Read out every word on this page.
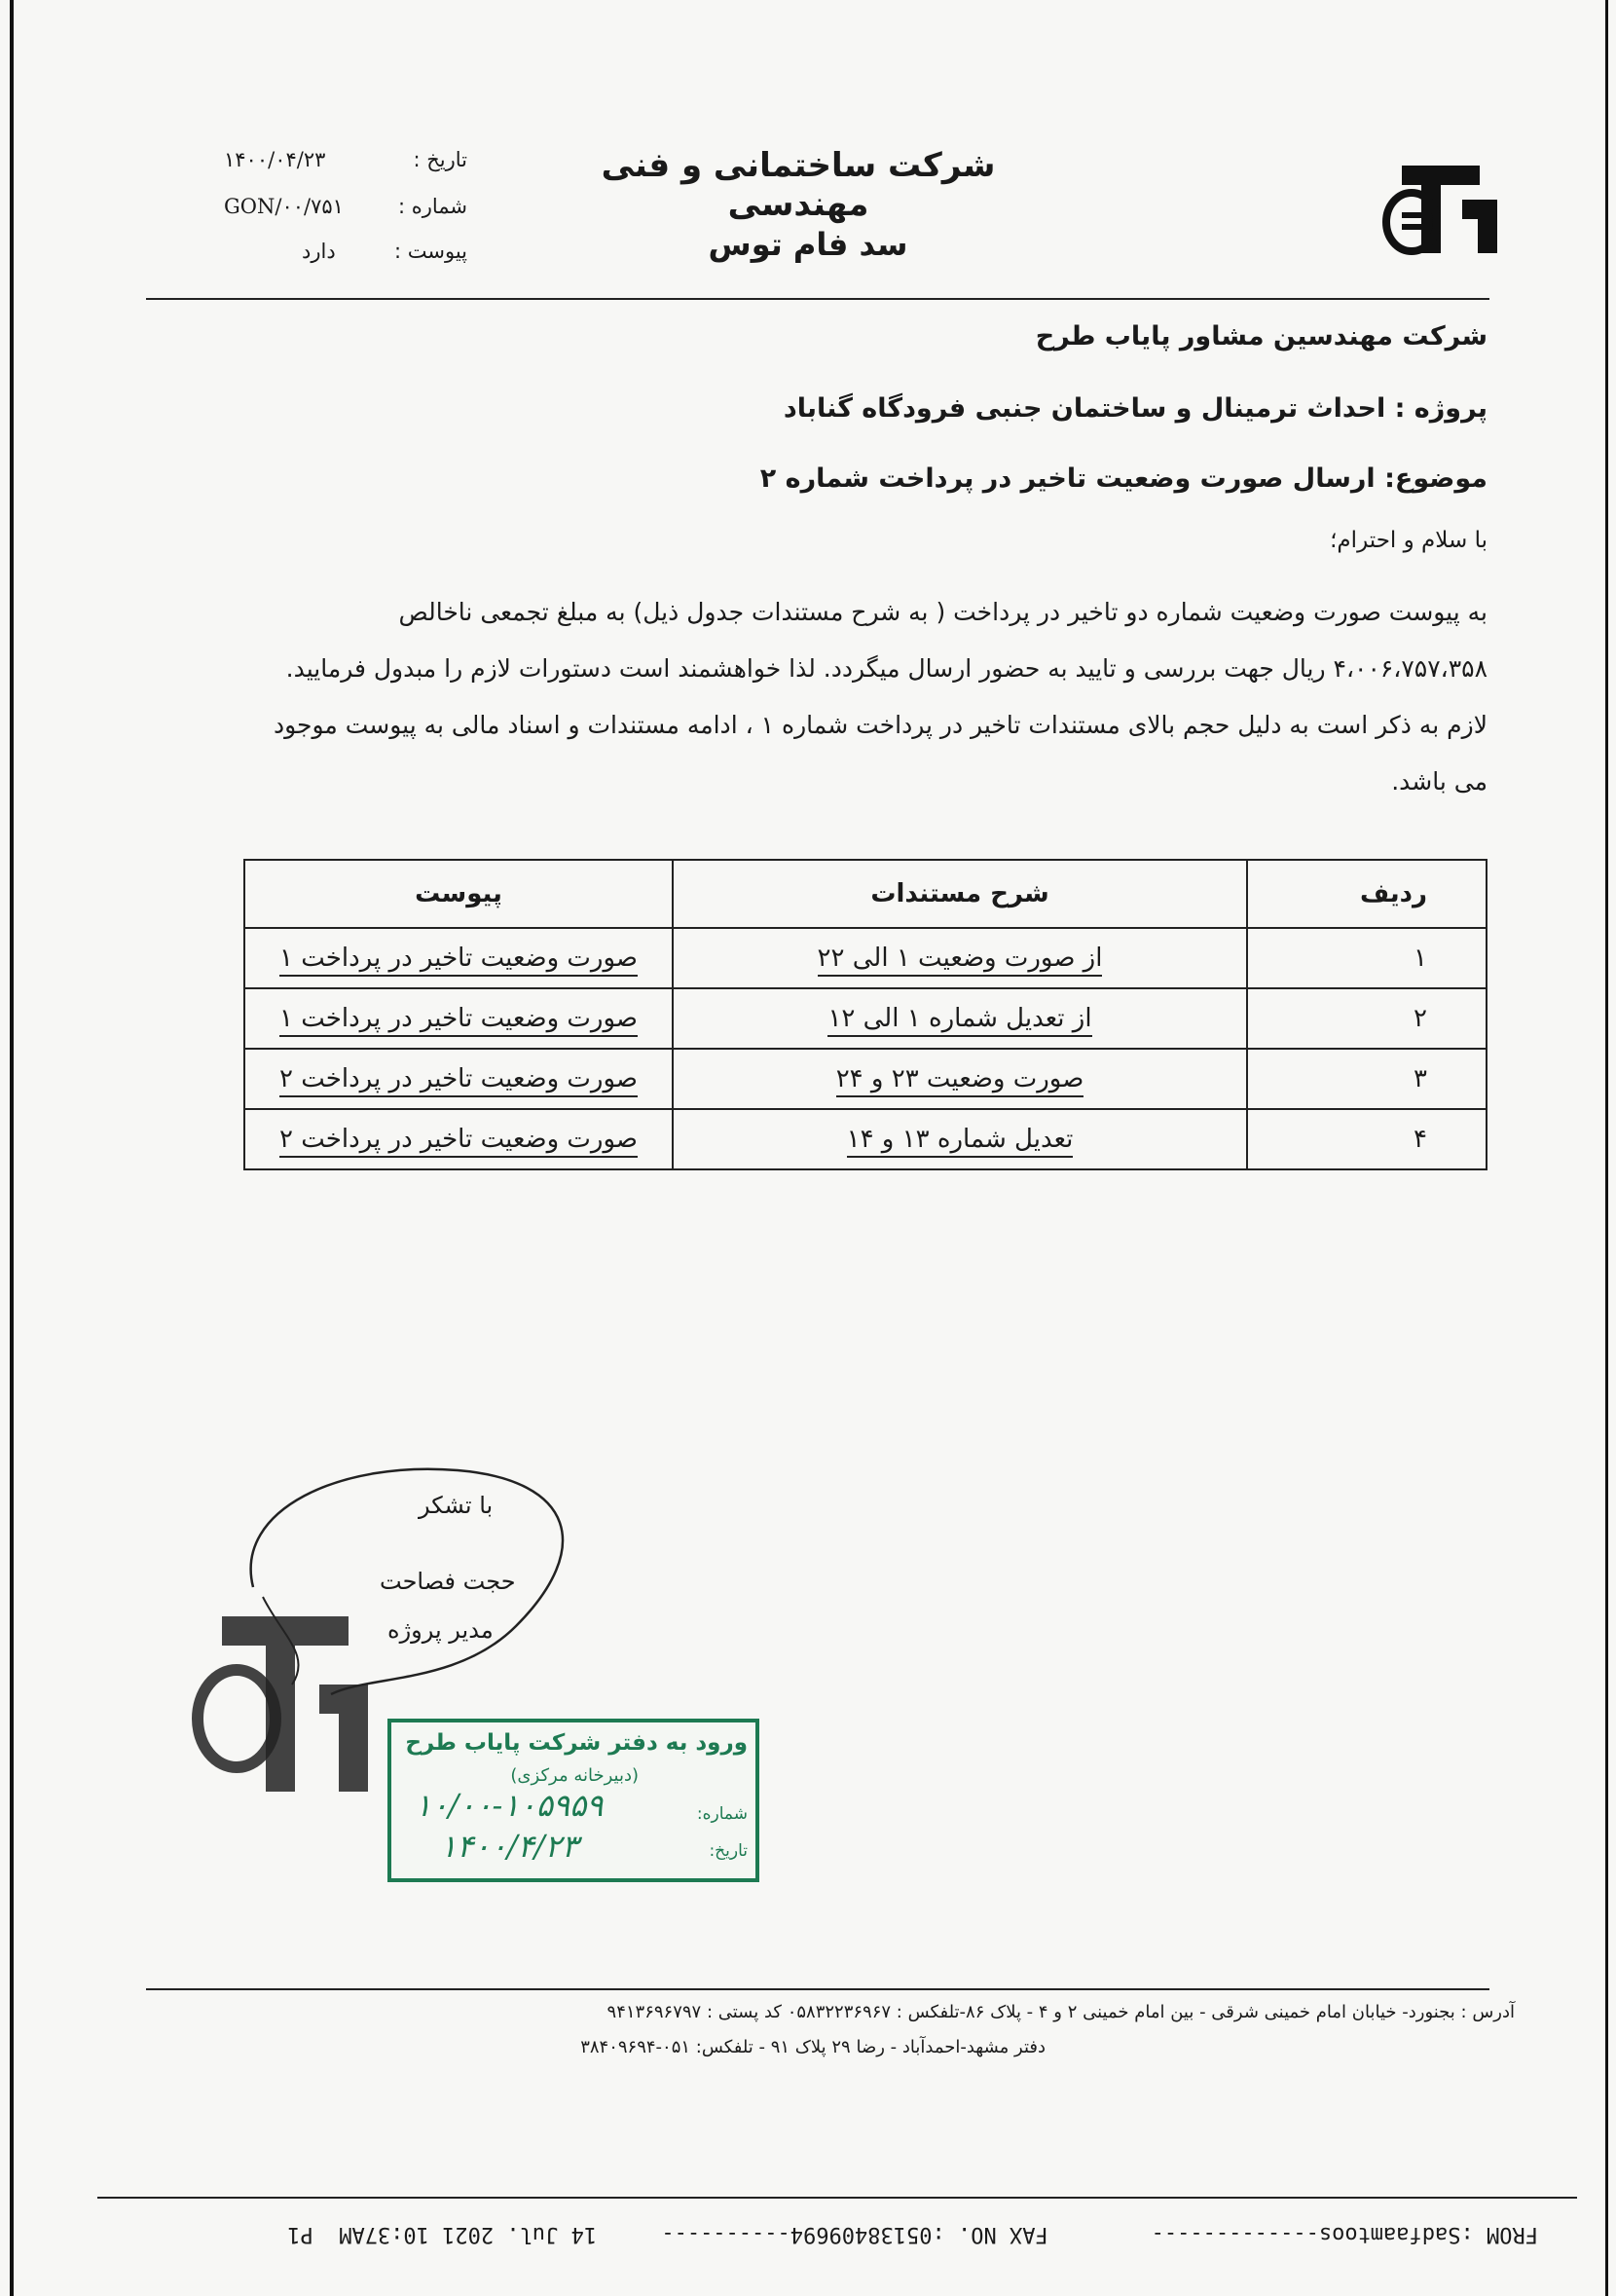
شرکت ساختمانی و فنی مهندسی
سد فام توس
تاریخ :
۱۴۰۰/۰۴/۲۳
شماره :
GON/۰۰/۷۵۱
پیوست :
دارد
شرکت مهندسین مشاور پایاب طرح
پروژه : احداث ترمینال و ساختمان جنبی فرودگاه گناباد
موضوع: ارسال صورت وضعیت تاخیر در پرداخت شماره ۲
با سلام و احترام؛
به پیوست صورت وضعیت شماره دو تاخیر در پرداخت ( به شرح مستندات جدول ذیل) به مبلغ تجمعی ناخالص
۴،۰۰۶،۷۵۷،۳۵۸ ریال جهت بررسی و تایید به حضور ارسال میگردد. لذا خواهشمند است دستورات لازم را مبدول فرمایید.
لازم به ذکر است به دلیل حجم بالای مستندات تاخیر در پرداخت شماره ۱ ، ادامه مستندات و اسناد مالی به پیوست موجود
می باشد.
ردیف	شرح مستندات	پیوست
۱	از صورت وضعیت ۱ الی ۲۲	صورت وضعیت تاخیر در پرداخت ۱
۲	از تعدیل شماره ۱ الی ۱۲	صورت وضعیت تاخیر در پرداخت ۱
۳	صورت وضعیت ۲۳ و ۲۴	صورت وضعیت تاخیر در پرداخت ۲
۴	تعدیل شماره ۱۳ و ۱۴	صورت وضعیت تاخیر در پرداخت ۲
با تشکر
حجت فصاحت
مدیر پروژه
ورود به دفتر شرکت پایاب طرح
(دبیرخانه مرکزی)
شماره:
۱۰/۰۰-۱۰۵۹۵۹
تاریخ:
۱۴۰۰/۴/۲۳
آدرس : بجنورد- خیابان امام خمینی شرقی - بین امام خمینی ۲ و ۴ - پلاک ۸۶-تلفکس : ۰۵۸۳۲۲۳۶۹۶۷ کد پستی : ۹۴۱۳۶۹۶۷۹۷
دفتر مشهد-احمدآباد - رضا ۲۹ پلاک ۹۱ - تلفکس: ۰۵۱-۳۸۴۰۹۶۹۴
FROM :Sadfaamtoos-------------        FAX NO. :05138409694----------     14 Jul. 2021 10:37AM  P1
